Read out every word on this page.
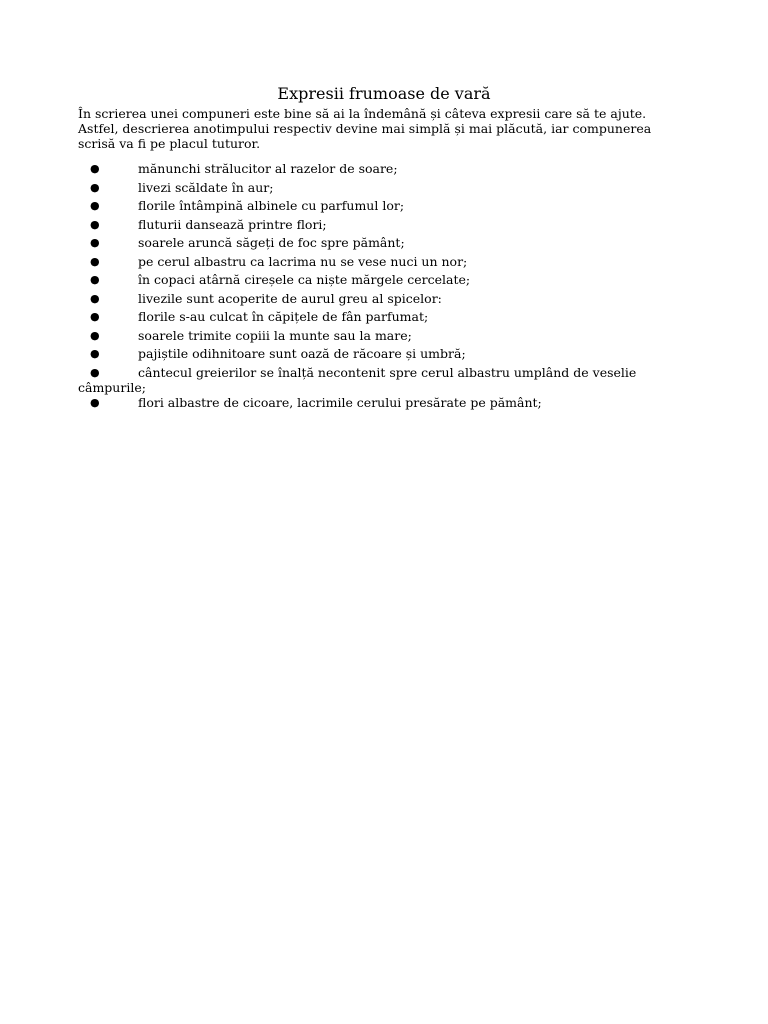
Expresii frumoase de vară

În scrierea unei compuneri este bine să ai la îndemână și câteva expresii care să te ajute. Astfel, descrierea anotimpului respectiv devine mai simplă și mai plăcută, iar compunerea scrisă va fi pe placul tuturor.

●	mănunchi strălucitor al razelor de soare;
●	livezi scăldate în aur;
●	florile întâmpină albinele cu parfumul lor;
●	fluturii dansează printre flori;
●	soarele aruncă săgeți de foc spre pământ;
●	pe cerul albastru ca lacrima nu se vese nuci un nor;
●	în copaci atârnă cireșele ca niște mărgele cercelate;
●	livezile sunt acoperite de aurul greu al spicelor:
●	florile s-au culcat în căpițele de fân parfumat;
●	soarele trimite copiii la munte sau la mare;
●	pajiștile odihnitoare sunt oază de răcoare și umbră;
●	cântecul greierilor se înalță necontenit spre cerul albastru umplând de veselie câmpurile;
●	flori albastre de cicoare, lacrimile cerului presărate pe pământ;
